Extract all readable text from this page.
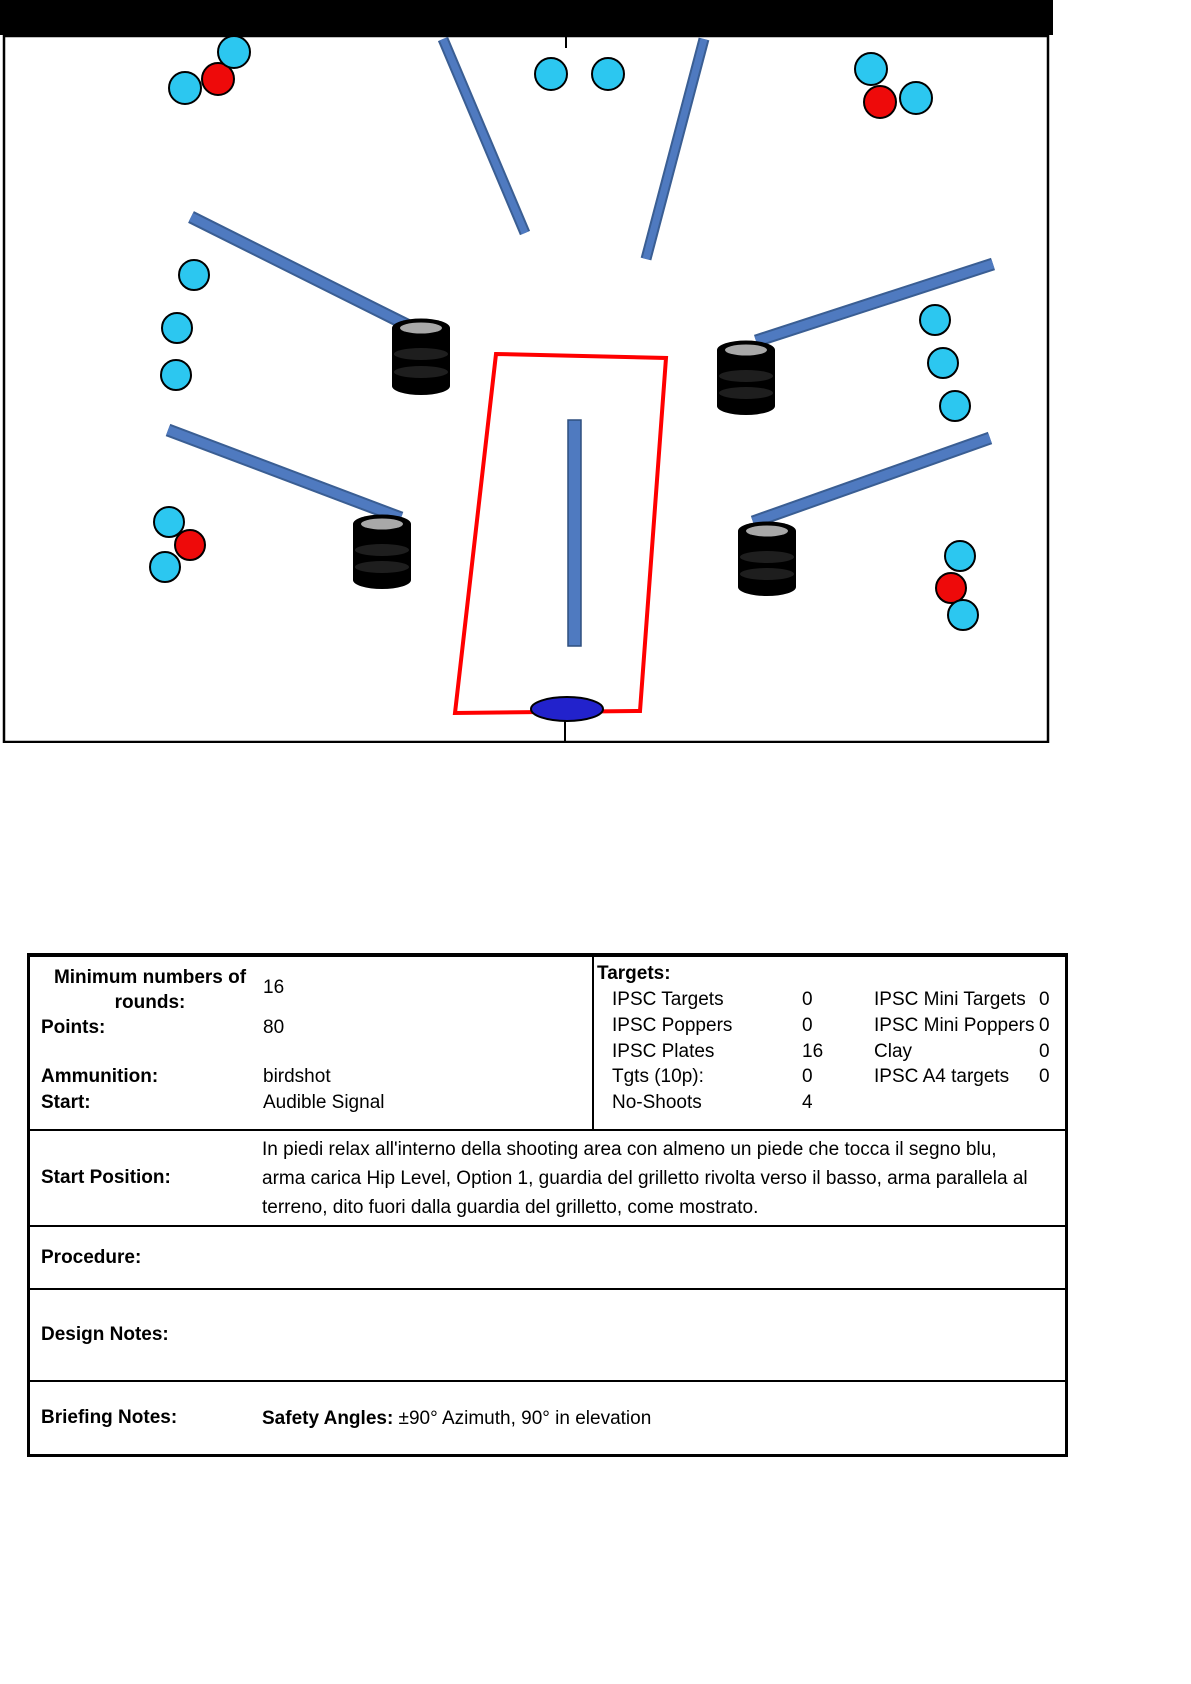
Minimum numbers of rounds:
16
Points:	80
Ammunition:	birdshot
Start:	Audible Signal
Targets:
IPSC Targets	0	IPSC Mini Targets 0
IPSC Poppers	0	IPSC Mini Poppers 0
IPSC Plates	16	Clay	0
Tgts (10p):	0	IPSC A4 targets	0
No-Shoots	4
Start Position:
In piedi relax all'interno della shooting area con almeno un piede che tocca il segno blu, arma carica Hip Level, Option 1, guardia del grilletto rivolta verso il basso, arma parallela al terreno, dito fuori dalla guardia del grilletto, come mostrato.
Procedure:
Design Notes:
Briefing Notes:	Safety Angles: ±90° Azimuth, 90° in elevation
